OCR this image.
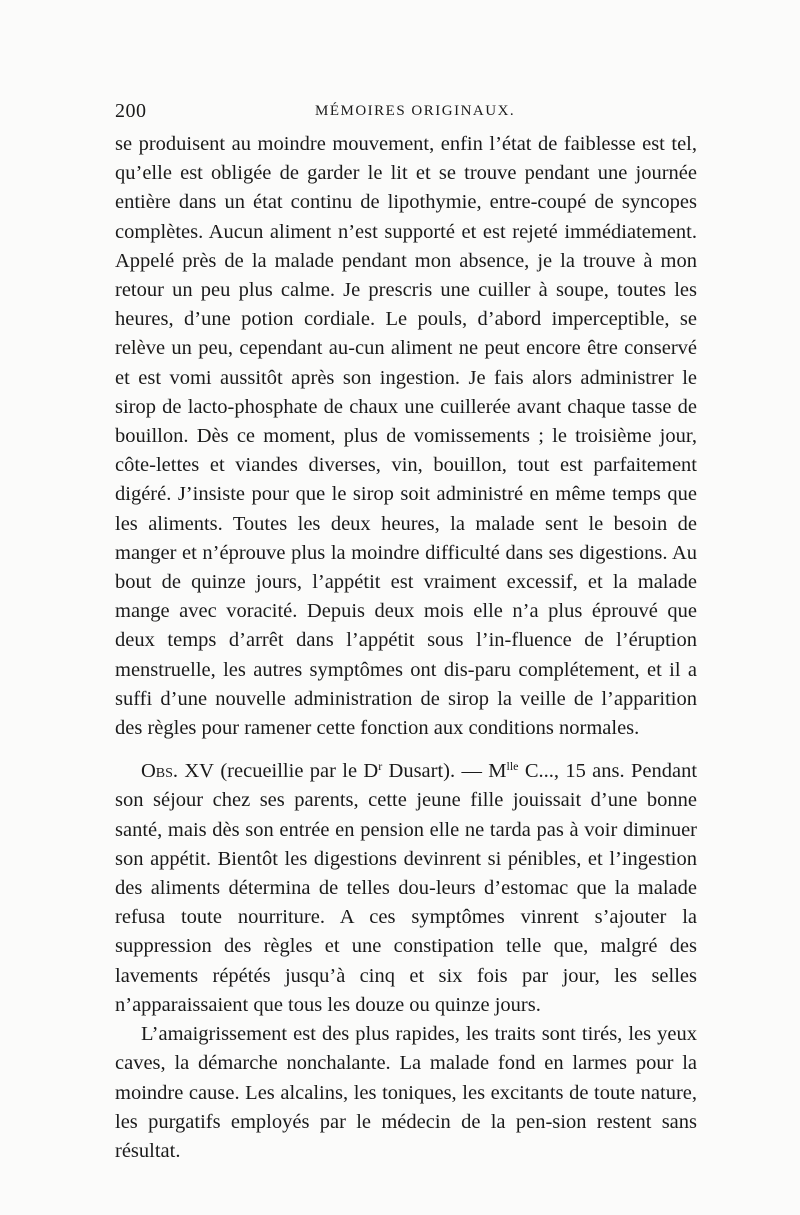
200	MÉMOIRES ORIGINAUX.

se produisent au moindre mouvement, enfin l’état de faiblesse est tel, qu’elle est obligée de garder le lit et se trouve pendant une journée entière dans un état continu de lipothymie, entre-coupé de syncopes complètes. Aucun aliment n’est supporté et est rejeté immédiatement. Appelé près de la malade pendant mon absence, je la trouve à mon retour un peu plus calme. Je prescris une cuiller à soupe, toutes les heures, d’une potion cordiale. Le pouls, d’abord imperceptible, se relève un peu, cependant au-cun aliment ne peut encore être conservé et est vomi aussitôt après son ingestion. Je fais alors administrer le sirop de lacto-phosphate de chaux une cuillerée avant chaque tasse de bouillon. Dès ce moment, plus de vomissements ; le troisième jour, côte-lettes et viandes diverses, vin, bouillon, tout est parfaitement digéré. J’insiste pour que le sirop soit administré en même temps que les aliments. Toutes les deux heures, la malade sent le besoin de manger et n’éprouve plus la moindre difficulté dans ses digestions. Au bout de quinze jours, l’appétit est vraiment excessif, et la malade mange avec voracité. Depuis deux mois elle n’a plus éprouvé que deux temps d’arrêt dans l’appétit sous l’in-fluence de l’éruption menstruelle, les autres symptômes ont dis-paru complétement, et il a suffi d’une nouvelle administration de sirop la veille de l’apparition des règles pour ramener cette fonction aux conditions normales.

Obs. XV (recueillie par le $D^r$ Dusart). — $M^{lle}$ C..., 15 ans. Pendant son séjour chez ses parents, cette jeune fille jouissait d’une bonne santé, mais dès son entrée en pension elle ne tarda pas à voir diminuer son appétit. Bientôt les digestions devinrent si pénibles, et l’ingestion des aliments détermina de telles dou-leurs d’estomac que la malade refusa toute nourriture. A ces symptômes vinrent s’ajouter la suppression des règles et une constipation telle que, malgré des lavements répétés jusqu’à cinq et six fois par jour, les selles n’apparaissaient que tous les douze ou quinze jours.

L’amaigrissement est des plus rapides, les traits sont tirés, les yeux caves, la démarche nonchalante. La malade fond en larmes pour la moindre cause. Les alcalins, les toniques, les excitants de toute nature, les purgatifs employés par le médecin de la pen-sion restent sans résultat.
